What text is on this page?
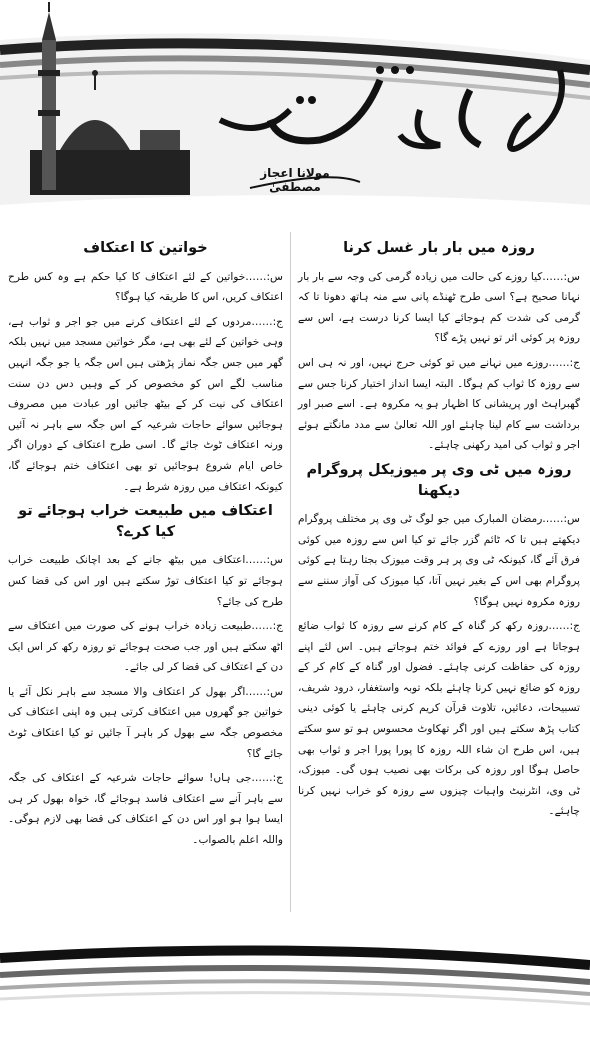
مولانا اعجاز مصطفیٰ
روزہ میں بار بار غسل کرنا

س:……کیا روزے کی حالت میں زیادہ گرمی کی وجہ سے بار بار نہانا صحیح ہے؟ اسی طرح ٹھنڈے پانی سے منہ ہاتھ دھونا تا کہ گرمی کی شدت کم ہوجائے کیا ایسا کرنا درست ہے، اس سے روزہ پر کوئی اثر تو نہیں پڑے گا؟

ج:……روزے میں نہانے میں تو کوئی حرج نہیں، اور نہ ہی اس سے روزہ کا ثواب کم ہوگا۔ البتہ ایسا انداز اختیار کرنا جس سے گھبراہٹ اور پریشانی کا اظہار ہو یہ مکروہ ہے۔ اسے صبر اور برداشت سے کام لینا چاہئے اور اللہ تعالیٰ سے مدد مانگتے ہوئے اجر و ثواب کی امید رکھنی چاہئے۔

روزہ میں ٹی وی پر میوزیکل پروگرام دیکھنا

س:……رمضان المبارک میں جو لوگ ٹی وی پر مختلف پروگرام دیکھتے ہیں تا کہ ٹائم گزر جائے تو کیا اس سے روزہ میں کوئی فرق آئے گا، کیونکہ ٹی وی پر ہر وقت میوزک بجتا رہتا ہے کوئی پروگرام بھی اس کے بغیر نہیں آتا، کیا میوزک کی آواز سننے سے روزہ مکروہ نہیں ہوگا؟

ج:……روزہ رکھ کر گناہ کے کام کرنے سے روزہ کا ثواب ضائع ہوجاتا ہے اور روزے کے فوائد ختم ہوجاتے ہیں۔ اس لئے اپنے روزہ کی حفاظت کرنی چاہئے۔ فضول اور گناہ کے کام کر کے روزہ کو ضائع نہیں کرنا چاہئے بلکہ توبہ واستغفار، درود شریف، تسبیحات، دعائیں، تلاوت قرآن کریم کرنی چاہئے یا کوئی دینی کتاب پڑھ سکتے ہیں اور اگر تھکاوٹ محسوس ہو تو سو سکتے ہیں، اس طرح ان شاء اللہ روزہ کا پورا پورا اجر و ثواب بھی حاصل ہوگا اور روزہ کی برکات بھی نصیب ہوں گی۔ میوزک، ٹی وی، انٹرنیٹ واہیات چیزوں سے روزہ کو خراب نہیں کرنا چاہئے۔

خواتین کا اعتکاف

س:……خواتین کے لئے اعتکاف کا کیا حکم ہے وہ کس طرح اعتکاف کریں، اس کا طریقہ کیا ہوگا؟

ج:……مردوں کے لئے اعتکاف کرنے میں جو اجر و ثواب ہے، وہی خواتین کے لئے بھی ہے، مگر خواتین مسجد میں نہیں بلکہ گھر میں جس جگہ نماز پڑھتی ہیں اس جگہ یا جو جگہ انہیں مناسب لگے اس کو مخصوص کر کے وہیں دس دن سنت اعتکاف کی نیت کر کے بیٹھ جائیں اور عبادت میں مصروف ہوجائیں سوائے حاجات شرعیہ کے اس جگہ سے باہر نہ آئیں ورنہ اعتکاف ٹوٹ جائے گا۔ اسی طرح اعتکاف کے دوران اگر خاص ایام شروع ہوجائیں تو بھی اعتکاف ختم ہوجائے گا، کیونکہ اعتکاف میں روزہ شرط ہے۔

اعتکاف میں طبیعت خراب ہوجائے تو کیا کرے؟

س:……اعتکاف میں بیٹھ جانے کے بعد اچانک طبیعت خراب ہوجائے تو کیا اعتکاف توڑ سکتے ہیں اور اس کی قضا کس طرح کی جائے؟

ج:……طبیعت زیادہ خراب ہونے کی صورت میں اعتکاف سے اٹھ سکتے ہیں اور جب صحت ہوجائے تو روزہ رکھ کر اس ایک دن کے اعتکاف کی قضا کر لی جائے۔

س:……اگر بھول کر اعتکاف والا مسجد سے باہر نکل آئے یا خواتین جو گھروں میں اعتکاف کرتی ہیں وہ اپنی اعتکاف کی مخصوص جگہ سے بھول کر باہر آ جائیں تو کیا اعتکاف ٹوٹ جائے گا؟

ج:……جی ہاں! سوائے حاجات شرعیہ کے اعتکاف کی جگہ سے باہر آنے سے اعتکاف فاسد ہوجائے گا، خواہ بھول کر ہی ایسا ہوا ہو اور اس دن کے اعتکاف کی قضا بھی لازم ہوگی۔ واللہ اعلم بالصواب۔
